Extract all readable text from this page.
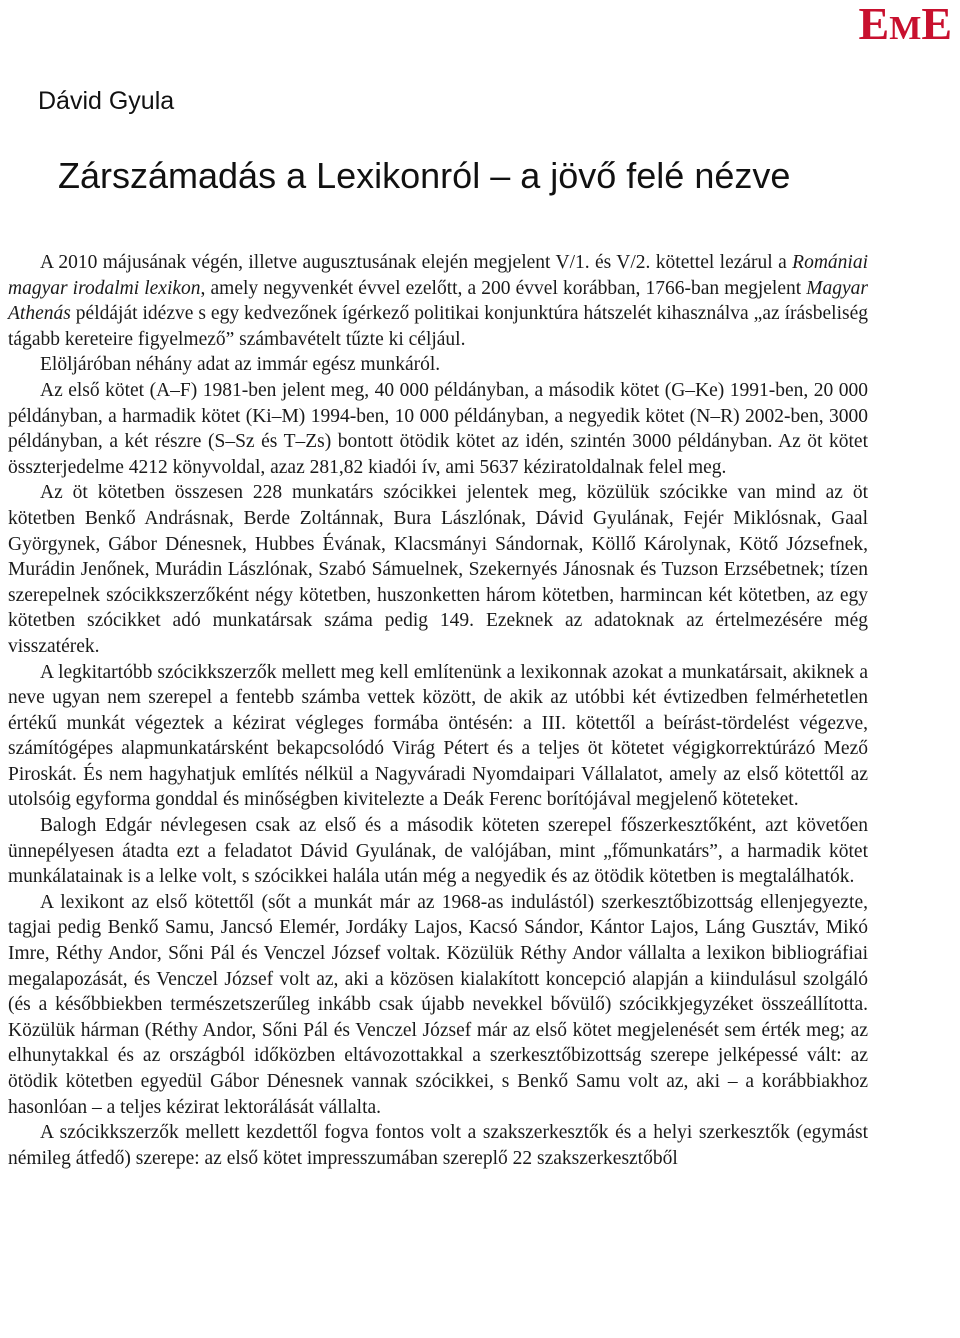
EME
Dávid Gyula
Zárszámadás a Lexikonról – a jövő felé nézve

A 2010 májusának végén, illetve augusztusának elején megjelent V/1. és V/2. kötettel lezárul a Romániai magyar irodalmi lexikon, amely negyvenkét évvel ezelőtt, a 200 évvel korábban, 1766-ban megjelent Magyar Athenás példáját idézve s egy kedvezőnek ígérkező politikai konjunktúra hátszelét kihasználva „az írásbeliség tágabb kereteire figyelmező” számbavételt tűzte ki céljául.

Elöljáróban néhány adat az immár egész munkáról.

Az első kötet (A–F) 1981-ben jelent meg, 40 000 példányban, a második kötet (G–Ke) 1991-ben, 20 000 példányban, a harmadik kötet (Ki–M) 1994-ben, 10 000 példányban, a negyedik kötet (N–R) 2002-ben, 3000 példányban, a két részre (S–Sz és T–Zs) bontott ötödik kötet az idén, szintén 3000 példányban. Az öt kötet összterjedelme 4212 könyvoldal, azaz 281,82 kiadói ív, ami 5637 kéziratoldalnak felel meg.

Az öt kötetben összesen 228 munkatárs szócikkei jelentek meg, közülük szócikke van mind az öt kötetben Benkő Andrásnak, Berde Zoltánnak, Bura Lászlónak, Dávid Gyulának, Fejér Miklósnak, Gaal Györgynek, Gábor Dénesnek, Hubbes Évának, Klacsmányi Sándornak, Köllő Károlynak, Kötő Józsefnek, Murádin Jenőnek, Murádin Lászlónak, Szabó Sámuelnek, Szekernyés Jánosnak és Tuzson Erzsébetnek; tízen szerepelnek szócikkszerzőként négy kötetben, huszonketten három kötetben, harmincan két kötetben, az egy kötetben szócikket adó munkatársak száma pedig 149. Ezeknek az adatoknak az értelmezésére még visszatérek.

A legkitartóbb szócikkszerzők mellett meg kell említenünk a lexikonnak azokat a munkatársait, akiknek a neve ugyan nem szerepel a fentebb számba vettek között, de akik az utóbbi két évtizedben felmérhetetlen értékű munkát végeztek a kézirat végleges formába öntésén: a III. kötettől a beírást-tördelést végezve, számítógépes alapmunkatársként bekapcsolódó Virág Pétert és a teljes öt kötetet végigkorrektúrázó Mező Piroskát. És nem hagyhatjuk említés nélkül a Nagyváradi Nyomdaipari Vállalatot, amely az első kötettől az utolsóig egyforma gonddal és minőségben kivitelezte a Deák Ferenc borítójával megjelenő köteteket.

Balogh Edgár névlegesen csak az első és a második köteten szerepel főszerkesztőként, azt követően ünnepélyesen átadta ezt a feladatot Dávid Gyulának, de valójában, mint „főmunkatárs”, a harmadik kötet munkálatainak is a lelke volt, s szócikkei halála után még a negyedik és az ötödik kötetben is megtalálhatók.

A lexikont az első kötettől (sőt a munkát már az 1968-as indulástól) szerkesztőbizottság ellenjegyezte, tagjai pedig Benkő Samu, Jancsó Elemér, Jordáky Lajos, Kacsó Sándor, Kántor Lajos, Láng Gusztáv, Mikó Imre, Réthy Andor, Sőni Pál és Venczel József voltak. Közülük Réthy Andor vállalta a lexikon bibliográfiai megalapozását, és Venczel József volt az, aki a közösen kialakított koncepció alapján a kiindulásul szolgáló (és a későbbiekben természetszerűleg inkább csak újabb nevekkel bővülő) szócikkjegyzéket összeállította. Közülük hárman (Réthy Andor, Sőni Pál és Venczel József már az első kötet megjelenését sem érték meg; az elhunytakkal és az országból időközben eltávozottakkal a szerkesztőbizottság szerepe jelképessé vált: az ötödik kötetben egyedül Gábor Dénesnek vannak szócikkei, s Benkő Samu volt az, aki – a korábbiakhoz hasonlóan – a teljes kézirat lektorálását vállalta.

A szócikkszerzők mellett kezdettől fogva fontos volt a szakszerkesztők és a helyi szerkesztők (egymást némileg átfedő) szerepe: az első kötet impresszumában szereplő 22 szakszerkesztőből
